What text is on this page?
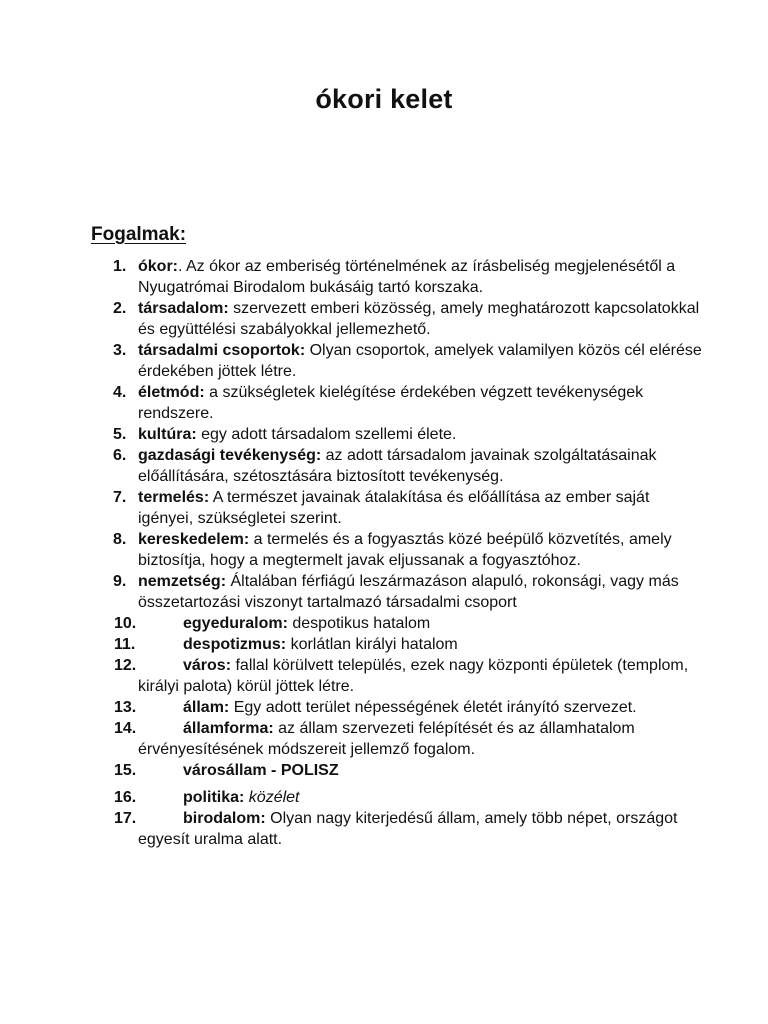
ókori kelet
Fogalmak:
1. ókor:. Az ókor az emberiség történelmének az írásbeliség megjelenésétől a Nyugatrómai Birodalom bukásáig tartó korszaka.
2. társadalom: szervezett emberi közösség, amely meghatározott kapcsolatokkal és együttélési szabályokkal jellemezhető.
3. társadalmi csoportok: Olyan csoportok, amelyek valamilyen közös cél elérése érdekében jöttek létre.
4. életmód: a szükségletek kielégítése érdekében végzett tevékenységek rendszere.
5. kultúra: egy adott társadalom szellemi élete.
6. gazdasági tevékenység: az adott társadalom javainak szolgáltatásainak előállítására, szétosztására biztosított tevékenység.
7. termelés: A természet javainak átalakítása és előállítása az ember saját igényei, szükségletei szerint.
8. kereskedelem: a termelés és a fogyasztás közé beépülő közvetítés, amely biztosítja, hogy a megtermelt javak eljussanak a fogyasztóhoz.
9. nemzetség: Általában férfiágú leszármazáson alapuló, rokonsági, vagy más összetartozási viszonyt tartalmazó társadalmi csoport
10.	egyeduralom: despotikus hatalom
11.	despotizmus: korlátlan királyi hatalom
12.	város: fallal körülvett település, ezek nagy központi épületek (templom, királyi palota) körül jöttek létre.
13.	állam: Egy adott terület népességének életét irányító szervezet.
14.	államforma: az állam szervezeti felépítését és az államhatalom érvényesítésének módszereit jellemző fogalom.
15.	városállam - POLISZ
16.	politika: közélet
17.	birodalom: Olyan nagy kiterjedésű állam, amely több népet, országot egyesít uralma alatt.
